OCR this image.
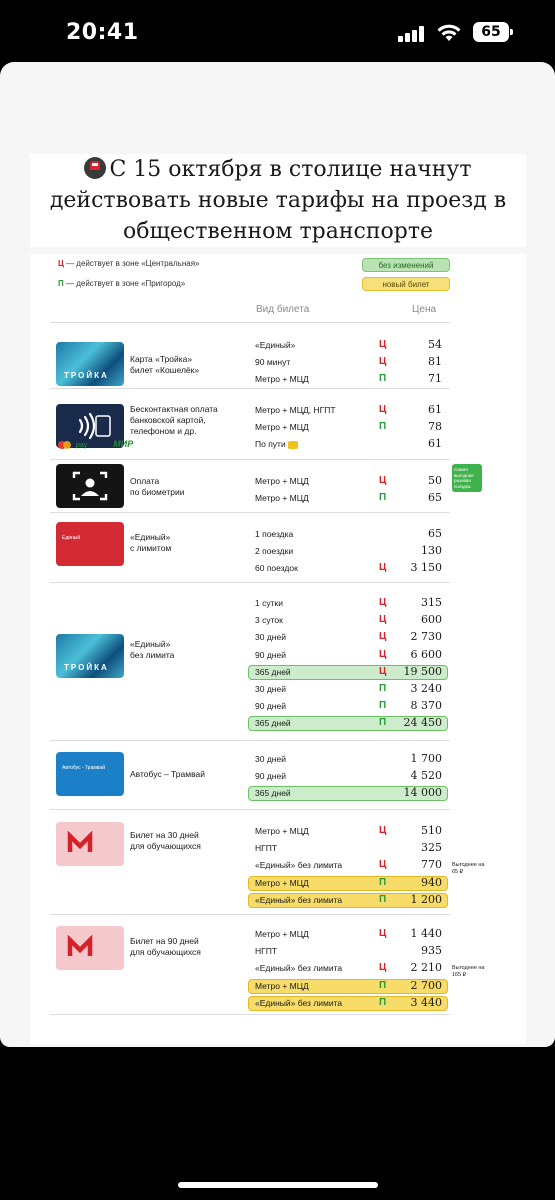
20:41	65
С 15 октября в столице начнут действовать новые тарифы на проезд в общественном транспорте
Ц — действует в зоне «Центральная»
П — действует в зоне «Пригород»
без изменений
новый билет
Вид билета	Цена
ТРОЙКА
Карта «Тройка»
билет «Кошелёк»
«Единый»	Ц	54
90 минут	Ц	81
Метро + МЦД	П	71
Бесконтактная оплата
банковской картой,
телефоном и др.
pay	МИР
Метро + МЦД, НГПТ	Ц	61
Метро + МЦД	П	78
По пути	61
Оплата
по биометрии
Самая выгодная разовая поездка
Метро + МЦД	Ц	50
Метро + МЦД	П	65
Единый	«Единый»
с лимитом
1 поездка	65
2 поездки	130
60 поездок	Ц 3 150
ТРОЙКА
«Единый»
без лимита
1 сутки	Ц	315
3 суток	Ц	600
30 дней	Ц 2 730
90 дней	Ц 6 600
365 дней	Ц 19 500
30 дней	П 3 240
90 дней	П 8 370
365 дней	П 24 450
Автобус - Трамвай
Автобус – Трамвай
30 дней	1 700
90 дней	4 520
365 дней	14 000
Билет на 30 дней
для обучающихся
Выгоднее на 65 ₽
Метро + МЦД	Ц	510
НГПТ	325
«Единый» без лимита	Ц	770
Метро + МЦД	П	940
«Единый» без лимита	П 1 200
Билет на 90 дней
для обучающихся
Выгоднее на 165 ₽
Метро + МЦД	Ц 1 440
НГПТ	935
«Единый» без лимита	Ц 2 210
Метро + МЦД	П 2 700
«Единый» без лимита	П 3 440
